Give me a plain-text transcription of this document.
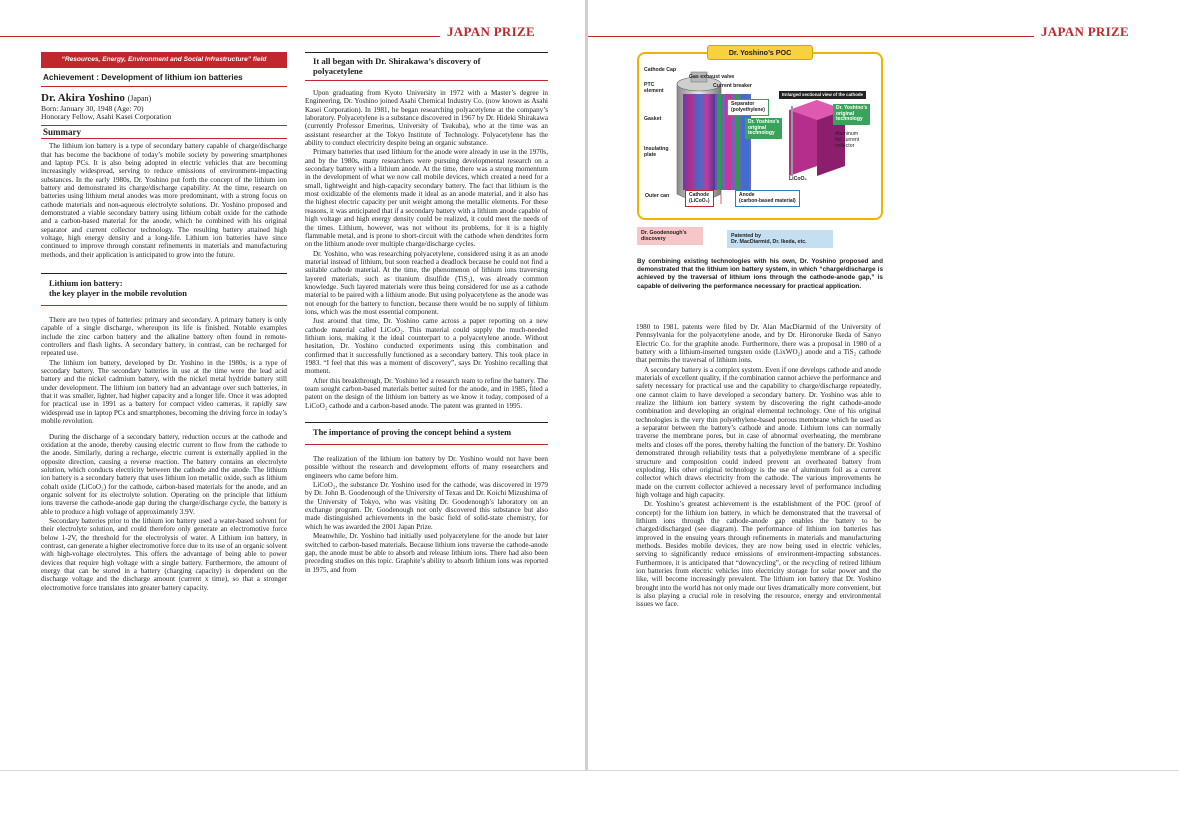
JAPAN PRIZE
“Resources, Energy, Environment and Social Infrastructure” field
Achievement : Development of lithium ion batteries
Dr. Akira Yoshino (Japan)
Born: January 30, 1948 (Age: 70)
Honorary Fellow, Asahi Kasei Corporation
Summary

The lithium ion battery is a type of secondary battery capable of charge/discharge that has become the backbone of today’s mobile society by powering smartphones and laptop PCs. It is also being adopted in electric vehicles that are becoming increasingly widespread, serving to reduce emissions of environment-impacting substances. In the early 1980s, Dr. Yoshino put forth the concept of the lithium ion battery and demonstrated its charge/discharge capability. At the time, research on batteries using lithium metal anodes was more predominant, with a strong focus on cathode materials and non-aqueous electrolyte solutions. Dr. Yoshino proposed and demonstrated a viable secondary battery using lithium cobalt oxide for the cathode and a carbon-based material for the anode, which he combined with his original separator and current collector technology. The resulting battery attained high voltage, high energy density and a long-life. Lithium ion batteries have since continued to improve through constant refinements in materials and manufacturing methods, and their application is anticipated to grow into the future.

Lithium ion battery:
the key player in the mobile revolution

There are two types of batteries: primary and secondary. A primary battery is only capable of a single discharge, whereupon its life is finished. Notable examples include the zinc carbon battery and the alkaline battery often found in remote-controllers and flash lights. A secondary battery, in contrast, can be recharged for repeated use.

The lithium ion battery, developed by Dr. Yoshino in the 1980s, is a type of secondary battery. The secondary batteries in use at the time were the lead acid battery and the nickel cadmium battery, with the nickel metal hydride battery still under development. The lithium ion battery had an advantage over such batteries, in that it was smaller, lighter, had higher capacity and a longer life. Once it was adopted for practical use in 1991 as a battery for compact video cameras, it rapidly saw widespread use in laptop PCs and smartphones, becoming the driving force in today’s mobile revolution.

During the discharge of a secondary battery, reduction occurs at the cathode and oxidation at the anode, thereby causing electric current to flow from the cathode to the anode. Similarly, during a recharge, electric current is externally applied in the opposite direction, causing a reverse reaction. The battery contains an electrolyte solution, which conducts electricity between the cathode and the anode. The lithium ion battery is a secondary battery that uses lithium ion metallic oxide, such as lithium cobalt oxide (LiCoO₂) for the cathode, carbon-based materials for the anode, and an organic solvent for its electrolyte solution. Operating on the principle that lithium ions traverse the cathode-anode gap during the charge/discharge cycle, the battery is able to produce a high voltage of approximately 3.9V.

Secondary batteries prior to the lithium ion battery used a water-based solvent for their electrolyte solution, and could therefore only generate an electromotive force below 1-2V, the threshold for the electrolysis of water. A Lithium ion battery, in contrast, can generate a higher electromotive force due to its use of an organic solvent with high-voltage electrolytes. This offers the advantage of being able to power devices that require high voltage with a single battery. Furthermore, the amount of energy that can be stored in a battery (charging capacity) is dependent on the discharge voltage and the discharge amount (current x time), so that a stronger electromotive force translates into greater battery capacity.

It all began with Dr. Shirakawa’s discovery of
polyacetylene

Upon graduating from Kyoto University in 1972 with a Master’s degree in Engineering, Dr. Yoshino joined Asahi Chemical Industry Co. (now known as Asahi Kasei Corporation). In 1981, he began researching polyacetylene at the company’s laboratory. Polyacetylene is a substance discovered in 1967 by Dr. Hideki Shirakawa (currently Professor Emeritus, University of Tsukuba), who at the time was an assistant researcher at the Tokyo Institute of Technology. Polyacetylene has the ability to conduct electricity despite being an organic substance.

Primary batteries that used lithium for the anode were already in use in the 1970s, and by the 1980s, many researchers were pursuing developmental research on a secondary battery with a lithium anode. At the time, there was a strong momentum in the development of what we now call mobile devices, which created a need for a small, lightweight and high-capacity secondary battery. The fact that lithium is the most oxidizable of the elements made it ideal as an anode material, and it also has the highest electric capacity per unit weight among the metallic elements. For these reasons, it was anticipated that if a secondary battery with a lithium anode capable of high voltage and high energy density could be realized, it could meet the needs of the times. Lithium, however, was not without its problems, for it is a highly flammable metal, and is prone to short-circuit with the cathode when dendrites form on the lithium anode over multiple charge/discharge cycles.

Dr. Yoshino, who was researching polyacetylene, considered using it as an anode material instead of lithium, but soon reached a deadlock because he could not find a suitable cathode material. At the time, the phenomenon of lithium ions traversing layered materials, such as titanium disulfide (TiS₂), was already common knowledge. Such layered materials were thus being considered for use as a cathode material to be paired with a lithium anode. But using polyacetylene as the anode was not enough for the battery to function, because there would be no supply of lithium ions, which was the most essential component.

Just around that time, Dr. Yoshino came across a paper reporting on a new cathode material called LiCoO₂. This material could supply the much-needed lithium ions, making it the ideal counterpart to a polyacetylene anode. Without hesitation, Dr. Yoshino conducted experiments using this combination and confirmed that it successfully functioned as a secondary battery. This took place in 1983. “I feel that this was a moment of discovery”, says Dr. Yoshino recalling that moment.

After this breakthrough, Dr. Yoshino led a research team to refine the battery. The team sought carbon-based materials better suited for the anode, and in 1985, filed a patent on the design of the lithium ion battery as we know it today, composed of a LiCoO₂ cathode and a carbon-based anode. The patent was granted in 1995.

The importance of proving the concept behind a system

The realization of the lithium ion battery by Dr. Yoshino would not have been possible without the research and development efforts of many researchers and engineers who came before him.

LiCoO₂, the substance Dr. Yoshino used for the cathode, was discovered in 1979 by Dr. John B. Goodenough of the University of Texas and Dr. Koichi Mizushima of the University of Tokyo, who was visiting Dr. Goodenough’s laboratory on an exchange program. Dr. Goodenough not only discovered this substance but also made distinguished achievements in the basic field of solid-state chemistry, for which he was awarded the 2001 Japan Prize.

Meanwhile, Dr. Yoshino had initially used polyacetylene for the anode but later switched to carbon-based materials. Because lithium ions traverse the cathode-anode gap, the anode must be able to absorb and release lithium ions. There had also been preceding studies on this topic. Graphite’s ability to absorb lithium ions was reported in 1975, and from

JAPAN PRIZE
Dr. Yoshino’s POC
Cathode Cap
Gas exhaust valve
PTC
element
Current breaker
Gasket
Insulating
plate
Outer can
Separator
(polyethylene)
Enlarged sectional view of the cathode
Dr. Yoshino’s
original
technology
Dr. Yoshino’s
original
technology
Aluminum
foil current
collector
LiCoO₂
Cathode
(LiCoO₂)
Anode
(carbon-based material)
Dr. Goodenough’s
discovery	Patented by
Dr. MacDiarmid, Dr. Ikeda, etc.
By combining existing technologies with his own, Dr. Yoshino proposed and demonstrated that the lithium ion battery system, in which “charge/discharge is achieved by the traversal of lithium ions through the cathode-anode gap,” is capable of delivering the performance necessary for practical application.

1980 to 1981, patents were filed by Dr. Alan MacDiarmid of the University of Pennsylvania for the polyacetylene anode, and by Dr. Hironoruke Ikeda of Sanyo Electric Co. for the graphite anode. Furthermore, there was a proposal in 1980 of a battery with a lithium-inserted tungsten oxide (LixWO₂) anode and a TiS₂ cathode that permits the traversal of lithium ions.

A secondary battery is a complex system. Even if one develops cathode and anode materials of excellent quality, if the combination cannot achieve the performance and safety necessary for practical use and the capability to charge/discharge repeatedly, one cannot claim to have developed a secondary battery. Dr. Yoshino was able to realize the lithium ion battery system by discovering the right cathode-anode combination and developing an original elemental technology. One of his original technologies is the very thin polyethylene-based porous membrane which he used as a separator between the battery’s cathode and anode. Lithium ions can normally traverse the membrane pores, but in case of abnormal overheating, the membrane melts and closes off the pores, thereby halting the function of the battery. Dr. Yoshino demonstrated through reliability tests that a polyethylene membrane of a specific structure and composition could indeed prevent an overheated battery from exploding. His other original technology is the use of aluminum foil as a current collector which draws electricity from the cathode. The various improvements he made on the current collector achieved a necessary level of performance including high voltage and high capacity.

Dr. Yoshino’s greatest achievement is the establishment of the POC (proof of concept) for the lithium ion battery, in which he demonstrated that the traversal of lithium ions through the cathode-anode gap enables the battery to be charged/discharged (see diagram). The performance of lithium ion batteries has improved in the ensuing years through refinements in materials and manufacturing methods. Besides mobile devices, they are now being used in electric vehicles, serving to significantly reduce emissions of environment-impacting substances. Furthermore, it is anticipated that “downcycling”, or the recycling of retired lithium ion batteries from electric vehicles into electricity storage for solar power and the like, will become increasingly prevalent. The lithium ion battery that Dr. Yoshino brought into the world has not only made our lives dramatically more convenient, but is also playing a crucial role in resolving the resource, energy and environmental issues we face.
